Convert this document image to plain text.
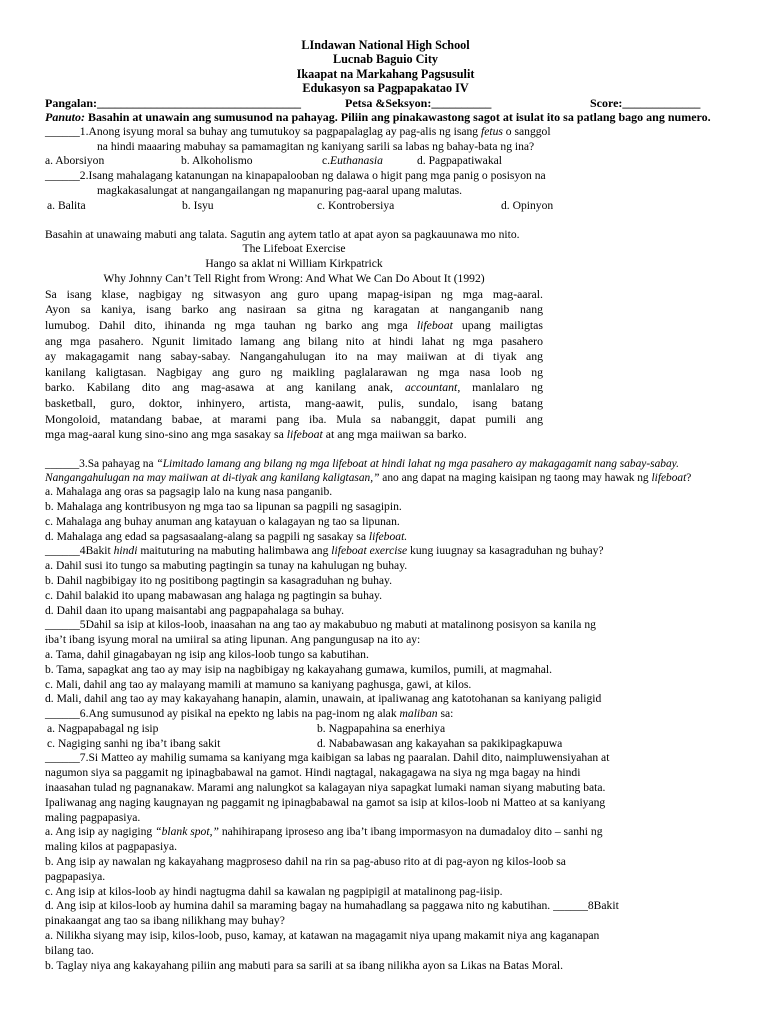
LIndawan National High School
Lucnab Baguio City
Ikaapat na Markahang Pagsusulit
Edukasyon sa Pagpapakatao IV
Pangalan:__________________________________	Petsa &Seksyon:__________	Score:_____________
Panuto: Basahin at unawain ang sumusunod na pahayag. Piliin ang pinakawastong sagot at isulat ito sa patlang bago ang numero.
______1.Anong isyung moral sa buhay ang tumutukoy sa pagpapalaglag ay pag-alis ng isang fetus o sanggol
na hindi maaaring mabuhay sa pamamagitan ng kaniyang sarili sa labas ng bahay-bata ng ina?
a. Aborsiyon	b. Alkoholismo	c.Euthanasia	d. Pagpapatiwakal
______2.Isang mahalagang katanungan na kinapapalooban ng dalawa o higit pang mga panig o posisyon na
magkakasalungat at nangangailangan ng mapanuring pag-aaral upang malutas.
a. Balita	b. Isyu	c. Kontrobersiya	d. Opinyon
Basahin at unawaing mabuti ang talata. Sagutin ang aytem tatlo at apat ayon sa pagkauunawa mo nito.
The Lifeboat Exercise
Hango sa aklat ni William Kirkpatrick
Why Johnny Can’t Tell Right from Wrong: And What We Can Do About It (1992)
Sa isang klase, nagbigay ng sitwasyon ang guro upang mapag-isipan ng mga mag-aaral.
Ayon sa kaniya, isang barko ang nasiraan sa gitna ng karagatan at nanganganib nang
lumubog. Dahil dito, ihinanda ng mga tauhan ng barko ang mga lifeboat upang mailigtas
ang mga pasahero. Ngunit limitado lamang ang bilang nito at hindi lahat ng mga pasahero
ay makagagamit nang sabay-sabay. Nangangahulugan ito na may maiiwan at di tiyak ang
kanilang kaligtasan. Nagbigay ang guro ng maikling paglalarawan ng mga nasa loob ng
barko. Kabilang dito ang mag-asawa at ang kanilang anak, accountant, manlalaro ng
basketball, guro, doktor, inhinyero, artista, mang-aawit, pulis, sundalo, isang batang
Mongoloid, matandang babae, at marami pang iba. Mula sa nabanggit, dapat pumili ang
mga mag-aaral kung sino-sino ang mga sasakay sa lifeboat at ang mga maiiwan sa barko.
______3.Sa pahayag na “Limitado lamang ang bilang ng mga lifeboat at hindi lahat ng mga pasahero ay makagagamit nang sabay-sabay. Nangangahulugan na may maiiwan at di-tiyak ang kanilang kaligtasan,” ano ang dapat na maging kaisipan ng taong may hawak ng lifeboat?
a. Mahalaga ang oras sa pagsagip lalo na kung nasa panganib.
b. Mahalaga ang kontribusyon ng mga tao sa lipunan sa pagpili ng sasagipin.
c. Mahalaga ang buhay anuman ang katayuan o kalagayan ng tao sa lipunan.
d. Mahalaga ang edad sa pagsasaalang-alang sa pagpili ng sasakay sa lifeboat.
______4Bakit hindi maituturing na mabuting halimbawa ang lifeboat exercise kung iuugnay sa kasagraduhan ng buhay?
a. Dahil susi ito tungo sa mabuting pagtingin sa tunay na kahulugan ng buhay.
b. Dahil nagbibigay ito ng positibong pagtingin sa kasagraduhan ng buhay.
c. Dahil balakid ito upang mabawasan ang halaga ng pagtingin sa buhay.
d. Dahil daan ito upang maisantabi ang pagpapahalaga sa buhay.
______5Dahil sa isip at kilos-loob, inaasahan na ang tao ay makabubuo ng mabuti at matalinong posisyon sa kanila ng
iba’t ibang isyung moral na umiiral sa ating lipunan. Ang pangungusap na ito ay:
a. Tama, dahil ginagabayan ng isip ang kilos-loob tungo sa kabutihan.
b. Tama, sapagkat ang tao ay may isip na nagbibigay ng kakayahang gumawa, kumilos, pumili, at magmahal.
c. Mali, dahil ang tao ay malayang mamili at mamuno sa kaniyang paghusga, gawi, at kilos.
d. Mali, dahil ang tao ay may kakayahang hanapin, alamin, unawain, at ipaliwanag ang katotohanan sa kaniyang paligid
______6.Ang sumusunod ay pisikal na epekto ng labis na pag-inom ng alak maliban sa:
a. Nagpapabagal ng isip	b. Nagpapahina sa enerhiya
c. Nagiging sanhi ng iba’t ibang sakit	d. Nababawasan ang kakayahan sa pakikipagkapuwa
______7.Si Matteo ay mahilig sumama sa kaniyang mga kaibigan sa labas ng paaralan. Dahil dito, naimpluwensiyahan at
nagumon siya sa paggamit ng ipinagbabawal na gamot. Hindi nagtagal, nakagagawa na siya ng mga bagay na hindi
inaasahan tulad ng pagnanakaw. Marami ang nalungkot sa kalagayan niya sapagkat lumaki naman siyang mabuting bata.
Ipaliwanag ang naging kaugnayan ng paggamit ng ipinagbabawal na gamot sa isip at kilos-loob ni Matteo at sa kaniyang
maling pagpapasiya.
a. Ang isip ay nagiging “blank spot,” nahihirapang iproseso ang iba’t ibang impormasyon na dumadaloy dito – sanhi ng
maling kilos at pagpapasiya.
b. Ang isip ay nawalan ng kakayahang magproseso dahil na rin sa pag-abuso rito at di pag-ayon ng kilos-loob sa
pagpapasiya.
c. Ang isip at kilos-loob ay hindi nagtugma dahil sa kawalan ng pagpipigil at matalinong pag-iisip.
d. Ang isip at kilos-loob ay humina dahil sa maraming bagay na humahadlang sa paggawa nito ng kabutihan. ______8Bakit
pinakaangat ang tao sa ibang nilikhang may buhay?
a. Nilikha siyang may isip, kilos-loob, puso, kamay, at katawan na magagamit niya upang makamit niya ang kaganapan
bilang tao.
b. Taglay niya ang kakayahang piliin ang mabuti para sa sarili at sa ibang nilikha ayon sa Likas na Batas Moral.
